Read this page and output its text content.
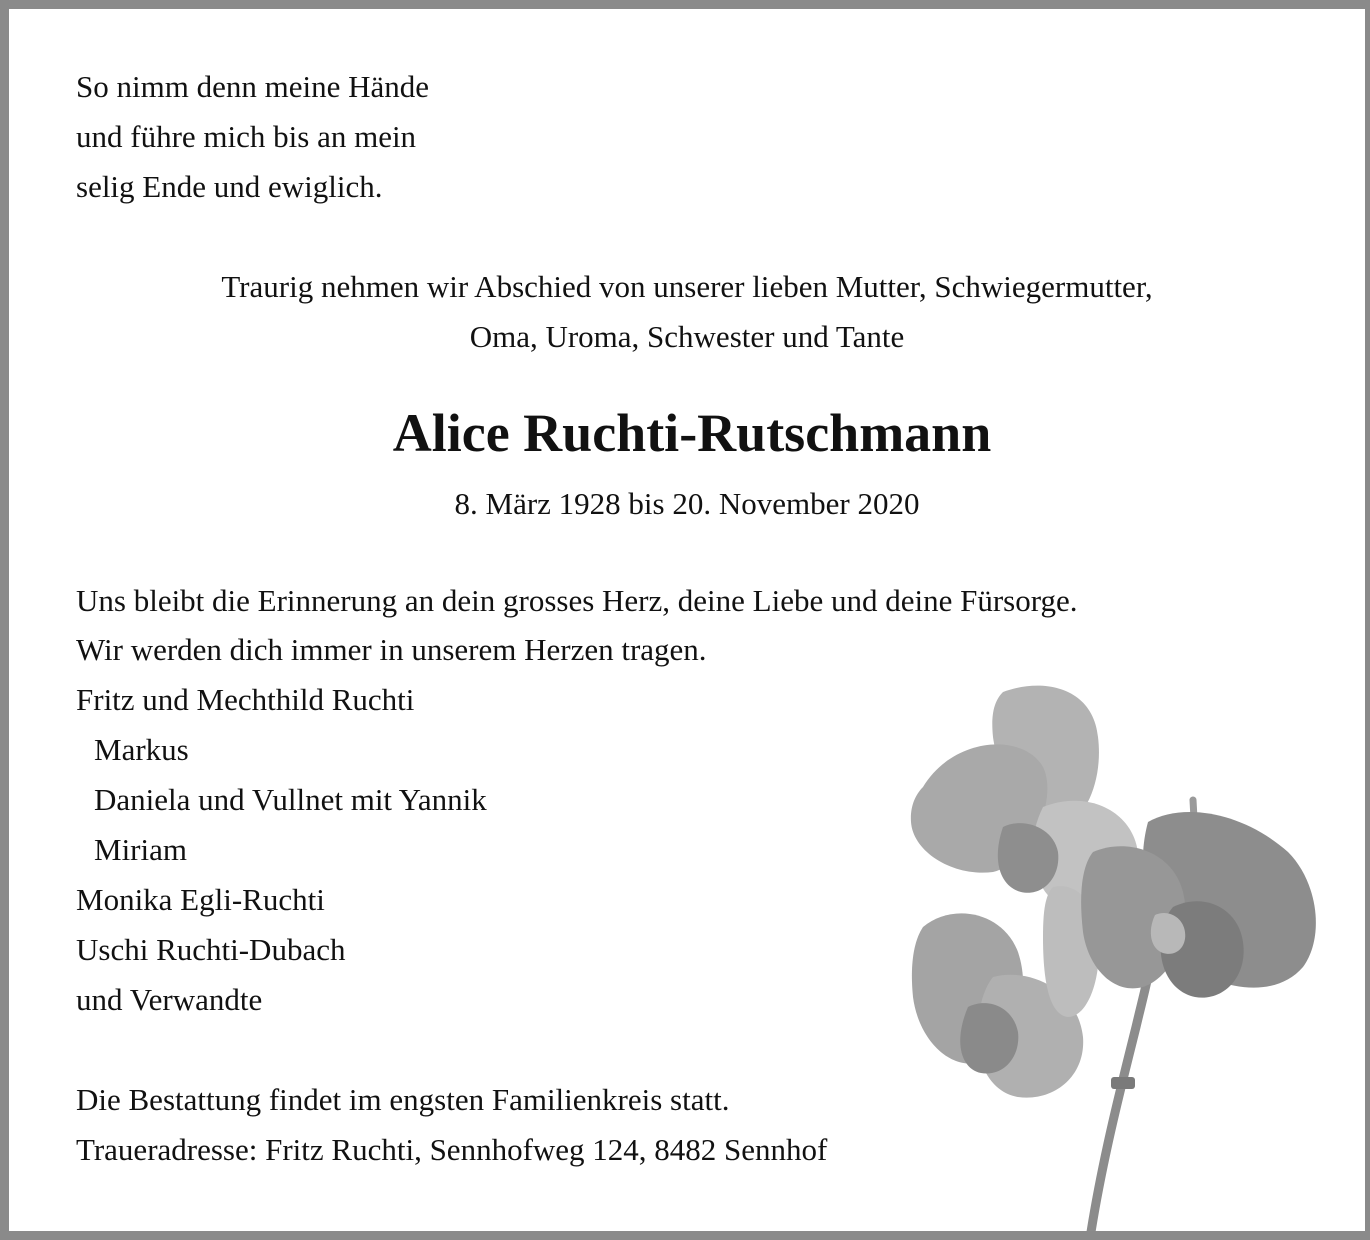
So nimm denn meine Hände

und führe mich bis an mein

selig Ende und ewiglich.

Traurig nehmen wir Abschied von unserer lieben Mutter, Schwiegermutter,

Oma, Uroma, Schwester und Tante

Alice Ruchti-Rutschmann

8. März 1928 bis 20. November 2020

Uns bleibt die Erinnerung an dein grosses Herz, deine Liebe und deine Fürsorge.

Wir werden dich immer in unserem Herzen tragen.

Fritz und Mechthild Ruchti

Markus

Daniela und Vullnet mit Yannik

Miriam

Monika Egli-Ruchti

Uschi Ruchti-Dubach

und Verwandte

Die Bestattung findet im engsten Familienkreis statt.

Traueradresse: Fritz Ruchti, Sennhofweg 124, 8482 Sennhof
